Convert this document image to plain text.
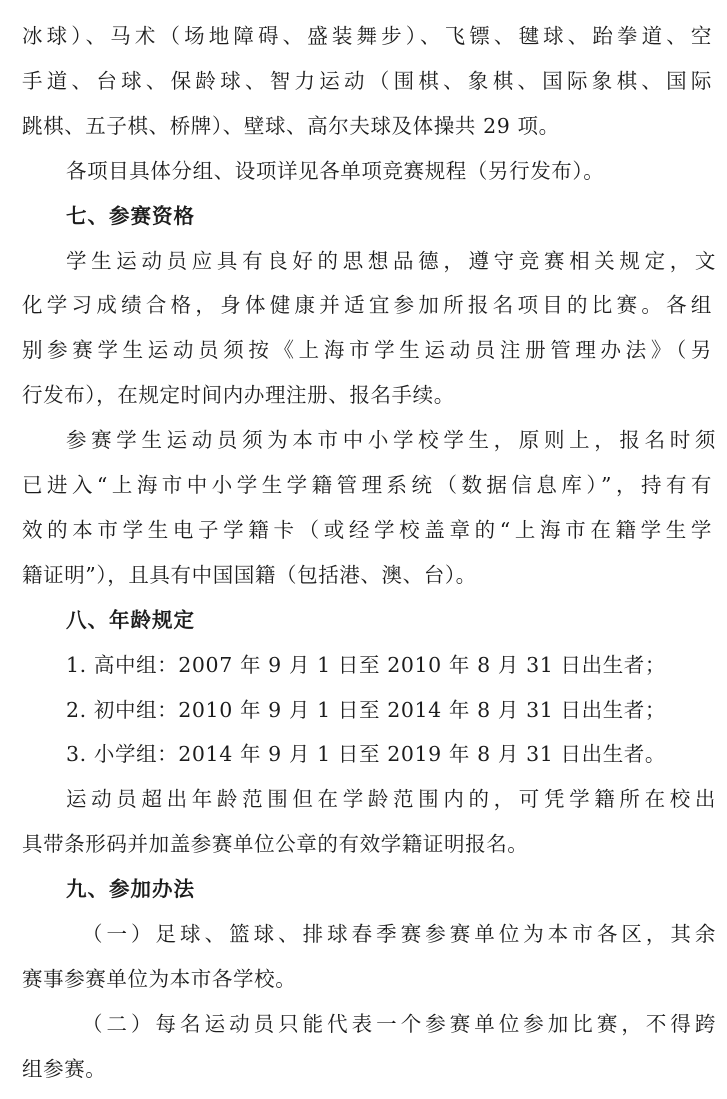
冰球）、马术（场地障碍、盛装舞步）、飞镖、毽球、跆拳道、空
手道、台球、保龄球、智力运动（围棋、象棋、国际象棋、国际
跳棋、五子棋、桥牌）、壁球、高尔夫球及体操共 29 项。
各项目具体分组、设项详见各单项竞赛规程（另行发布）。
七、参赛资格
学生运动员应具有良好的思想品德，遵守竞赛相关规定，文
化学习成绩合格，身体健康并适宜参加所报名项目的比赛。各组
别参赛学生运动员须按《上海市学生运动员注册管理办法》（另
行发布），在规定时间内办理注册、报名手续。
参赛学生运动员须为本市中小学校学生，原则上，报名时须
已进入“上海市中小学生学籍管理系统（数据信息库）”，持有有
效的本市学生电子学籍卡（或经学校盖章的“上海市在籍学生学
籍证明”），且具有中国国籍（包括港、澳、台）。
八、年龄规定
1. 高中组：2007 年 9 月 1 日至 2010 年 8 月 31 日出生者；
2. 初中组：2010 年 9 月 1 日至 2014 年 8 月 31 日出生者；
3. 小学组：2014 年 9 月 1 日至 2019 年 8 月 31 日出生者。
运动员超出年龄范围但在学龄范围内的，可凭学籍所在校出
具带条形码并加盖参赛单位公章的有效学籍证明报名。
九、参加办法
（一）足球、篮球、排球春季赛参赛单位为本市各区，其余
赛事参赛单位为本市各学校。
（二）每名运动员只能代表一个参赛单位参加比赛，不得跨
组参赛。
